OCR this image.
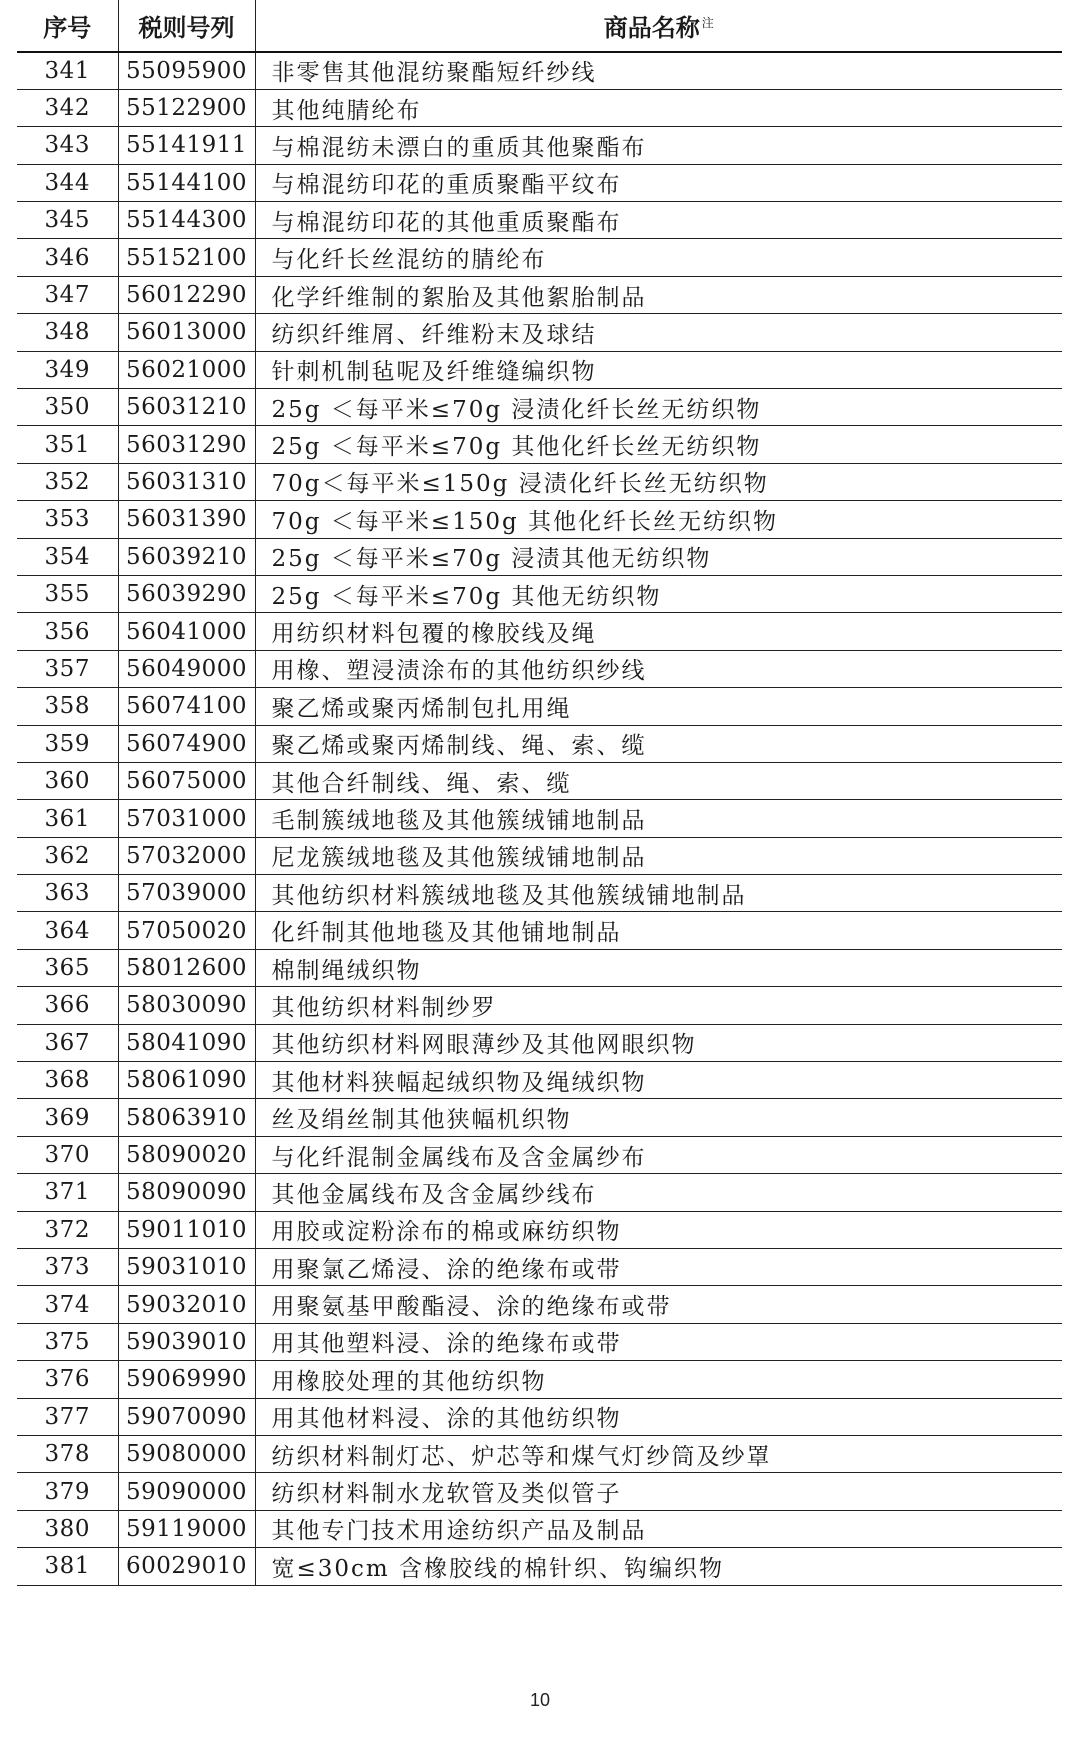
序号	税则号列	商品名称 $^注$
341	55095900	非零售其他混纺聚酯短纤纱线
342	55122900	其他纯腈纶布
343	55141911	与棉混纺未漂白的重质其他聚酯布
344	55144100	与棉混纺印花的重质聚酯平纹布
345	55144300	与棉混纺印花的其他重质聚酯布
346	55152100	与化纤长丝混纺的腈纶布
347	56012290	化学纤维制的絮胎及其他絮胎制品
348	56013000	纺织纤维屑、纤维粉末及球结
349	56021000	针刺机制毡呢及纤维缝编织物
350	56031210	25g ＜每平米≤70g 浸渍化纤长丝无纺织物
351	56031290	25g ＜每平米≤70g 其他化纤长丝无纺织物
352	56031310	70g＜每平米≤150g 浸渍化纤长丝无纺织物
353	56031390	70g ＜每平米≤150g 其他化纤长丝无纺织物
354	56039210	25g ＜每平米≤70g 浸渍其他无纺织物
355	56039290	25g ＜每平米≤70g 其他无纺织物
356	56041000	用纺织材料包覆的橡胶线及绳
357	56049000	用橡、塑浸渍涂布的其他纺织纱线
358	56074100	聚乙烯或聚丙烯制包扎用绳
359	56074900	聚乙烯或聚丙烯制线、绳、索、缆
360	56075000	其他合纤制线、绳、索、缆
361	57031000	毛制簇绒地毯及其他簇绒铺地制品
362	57032000	尼龙簇绒地毯及其他簇绒铺地制品
363	57039000	其他纺织材料簇绒地毯及其他簇绒铺地制品
364	57050020	化纤制其他地毯及其他铺地制品
365	58012600	棉制绳绒织物
366	58030090	其他纺织材料制纱罗
367	58041090	其他纺织材料网眼薄纱及其他网眼织物
368	58061090	其他材料狭幅起绒织物及绳绒织物
369	58063910	丝及绢丝制其他狭幅机织物
370	58090020	与化纤混制金属线布及含金属纱布
371	58090090	其他金属线布及含金属纱线布
372	59011010	用胶或淀粉涂布的棉或麻纺织物
373	59031010	用聚氯乙烯浸、涂的绝缘布或带
374	59032010	用聚氨基甲酸酯浸、涂的绝缘布或带
375	59039010	用其他塑料浸、涂的绝缘布或带
376	59069990	用橡胶处理的其他纺织物
377	59070090	用其他材料浸、涂的其他纺织物
378	59080000	纺织材料制灯芯、炉芯等和煤气灯纱筒及纱罩
379	59090000	纺织材料制水龙软管及类似管子
380	59119000	其他专门技术用途纺织产品及制品
381	60029010	宽≤30cm 含橡胶线的棉针织、钩编织物
10
